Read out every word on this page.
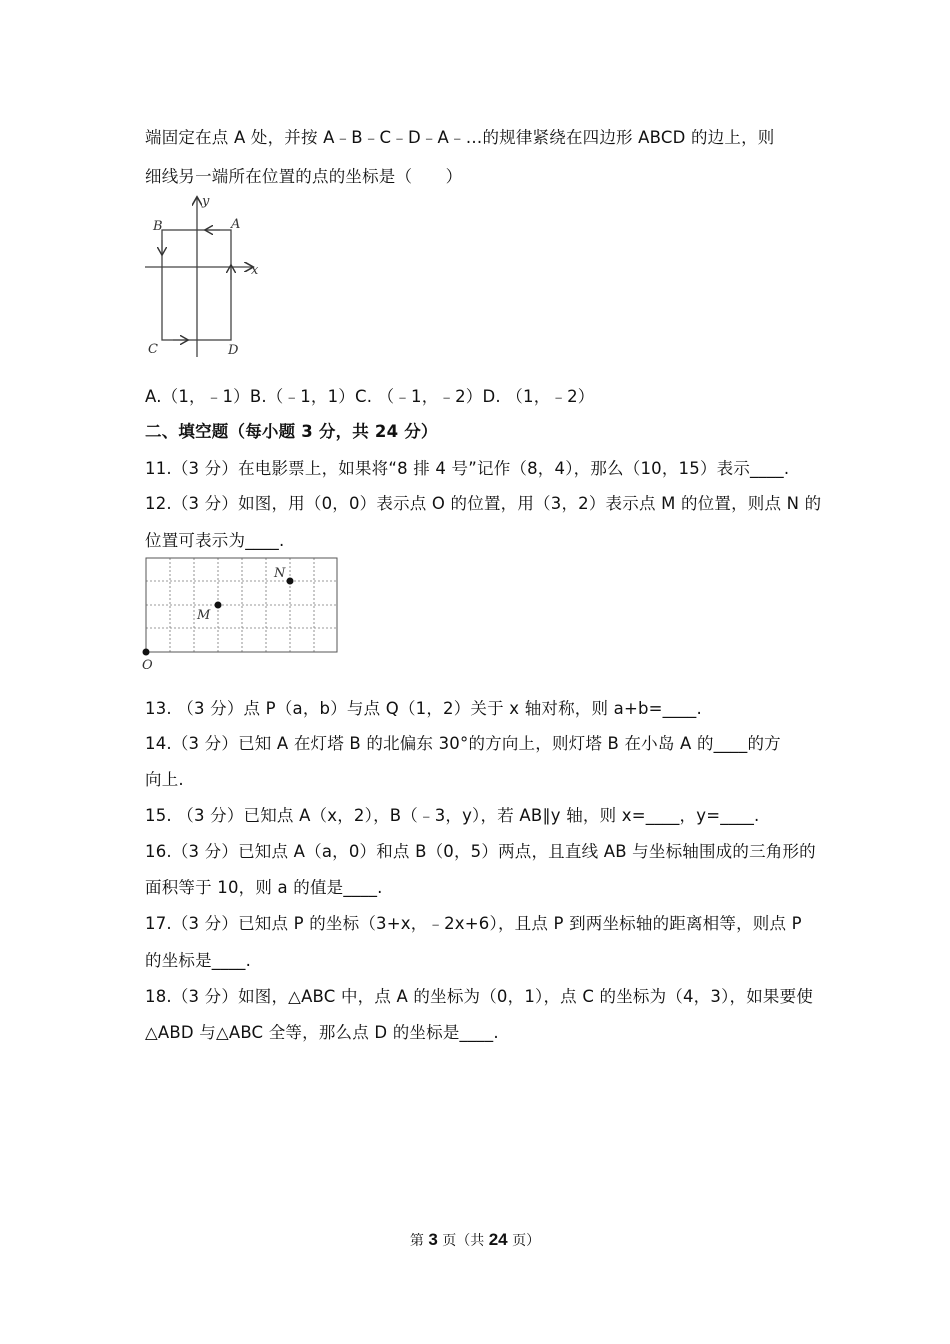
端固定在点 A 处，并按 A﹣B﹣C﹣D﹣A﹣…的规律紧绕在四边形 ABCD 的边上，则
细线另一端所在位置的点的坐标是（　　）
y
x
A
B
C	D
A.（1，﹣1）B.（﹣1，1）C. （﹣1，﹣2）D. （1，﹣2）
二、填空题（每小题 3 分，共 24 分）
11.（3 分）在电影票上，如果将“8 排 4 号”记作（8，4），那么（10，15）表示____.
12.（3 分）如图，用（0，0）表示点 O 的位置，用（3，2）表示点 M 的位置，则点 N 的
位置可表示为____.
O
M
N
13. （3 分）点 P（a，b）与点 Q（1，2）关于 x 轴对称，则 a+b=____.
14.（3 分）已知 A 在灯塔 B 的北偏东 30°的方向上，则灯塔 B 在小岛 A 的____的方
向上.
15. （3 分）已知点 A（x，2），B（﹣3，y），若 AB∥y 轴，则 x=____，y=____.
16.（3 分）已知点 A（a，0）和点 B（0，5）两点，且直线 AB 与坐标轴围成的三角形的
面积等于 10，则 a 的值是____.
17.（3 分）已知点 P 的坐标（3+x，﹣2x+6），且点 P 到两坐标轴的距离相等，则点 P
的坐标是____.
18.（3 分）如图，△ABC 中，点 A 的坐标为（0，1），点 C 的坐标为（4，3），如果要使
△ABD 与△ABC 全等，那么点 D 的坐标是____.
第 3 页（共 24 页）
